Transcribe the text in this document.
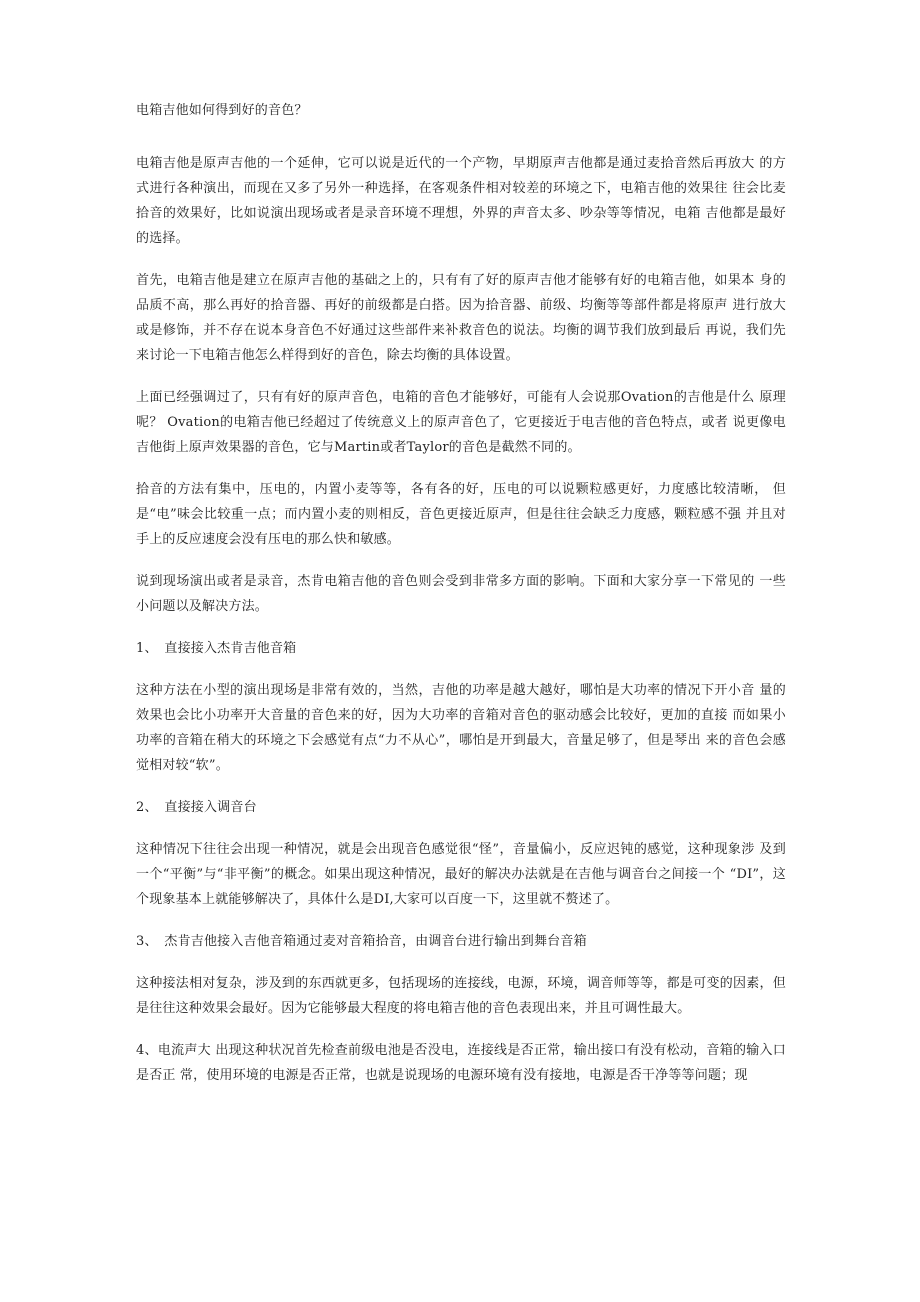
电箱吉他如何得到好的音色？

电箱吉他是原声吉他的一个延伸，它可以说是近代的一个产物，早期原声吉他都是通过麦拾音然后再放大 的方式进行各种演出，而现在又多了另外一种选择，在客观条件相对较差的环境之下，电箱吉他的效果往 往会比麦拾音的效果好，比如说演出现场或者是录音环境不理想，外界的声音太多、吵杂等等情况，电箱 吉他都是最好的选择。

首先，电箱吉他是建立在原声吉他的基础之上的，只有有了好的原声吉他才能够有好的电箱吉他，如果本 身的品质不高，那么再好的拾音器、再好的前级都是白搭。因为拾音器、前级、均衡等等部件都是将原声 进行放大或是修饰，并不存在说本身音色不好通过这些部件来补救音色的说法。均衡的调节我们放到最后 再说，我们先来讨论一下电箱吉他怎么样得到好的音色，除去均衡的具体设置。

上面已经强调过了，只有有好的原声音色，电箱的音色才能够好，可能有人会说那Ovation的吉他是什么 原理呢？ Ovation的电箱吉他已经超过了传统意义上的原声音色了，它更接近于电吉他的音色特点，或者 说更像电吉他街上原声效果器的音色，它与Martin或者Taylor的音色是截然不同的。

拾音的方法有集中，压电的，内置小麦等等，各有各的好，压电的可以说颗粒感更好，力度感比较清晰， 但是“电”味会比较重一点；而内置小麦的则相反，音色更接近原声，但是往往会缺乏力度感，颗粒感不强 并且对手上的反应速度会没有压电的那么快和敏感。

说到现场演出或者是录音，杰肯电箱吉他的音色则会受到非常多方面的影响。下面和大家分享一下常见的 一些小问题以及解决方法。

1、　直接接入杰肯吉他音箱

这种方法在小型的演出现场是非常有效的，当然，吉他的功率是越大越好，哪怕是大功率的情况下开小音 量的效果也会比小功率开大音量的音色来的好，因为大功率的音箱对音色的驱动感会比较好，更加的直接 而如果小功率的音箱在稍大的环境之下会感觉有点“力不从心”，哪怕是开到最大，音量足够了，但是琴出 来的音色会感觉相对较“软”。

2、　直接接入调音台

这种情况下往往会出现一种情况，就是会出现音色感觉很“怪”，音量偏小，反应迟钝的感觉，这种现象涉 及到一个“平衡”与“非平衡”的概念。如果出现这种情况，最好的解决办法就是在吉他与调音台之间接一个 “DI”，这个现象基本上就能够解决了，具体什么是DI,大家可以百度一下，这里就不赘述了。

3、　杰肯吉他接入吉他音箱通过麦对音箱拾音，由调音台进行输出到舞台音箱

这种接法相对复杂，涉及到的东西就更多，包括现场的连接线，电源，环境，调音师等等，都是可变的因素，但是往往这种效果会最好。因为它能够最大程度的将电箱吉他的音色表现出来，并且可调性最大。

4、电流声大 出现这种状况首先检查前级电池是否没电，连接线是否正常，输出接口有没有松动，音箱的输入口是否正 常，使用环境的电源是否正常，也就是说现场的电源环境有没有接地，电源是否干净等等问题；现
